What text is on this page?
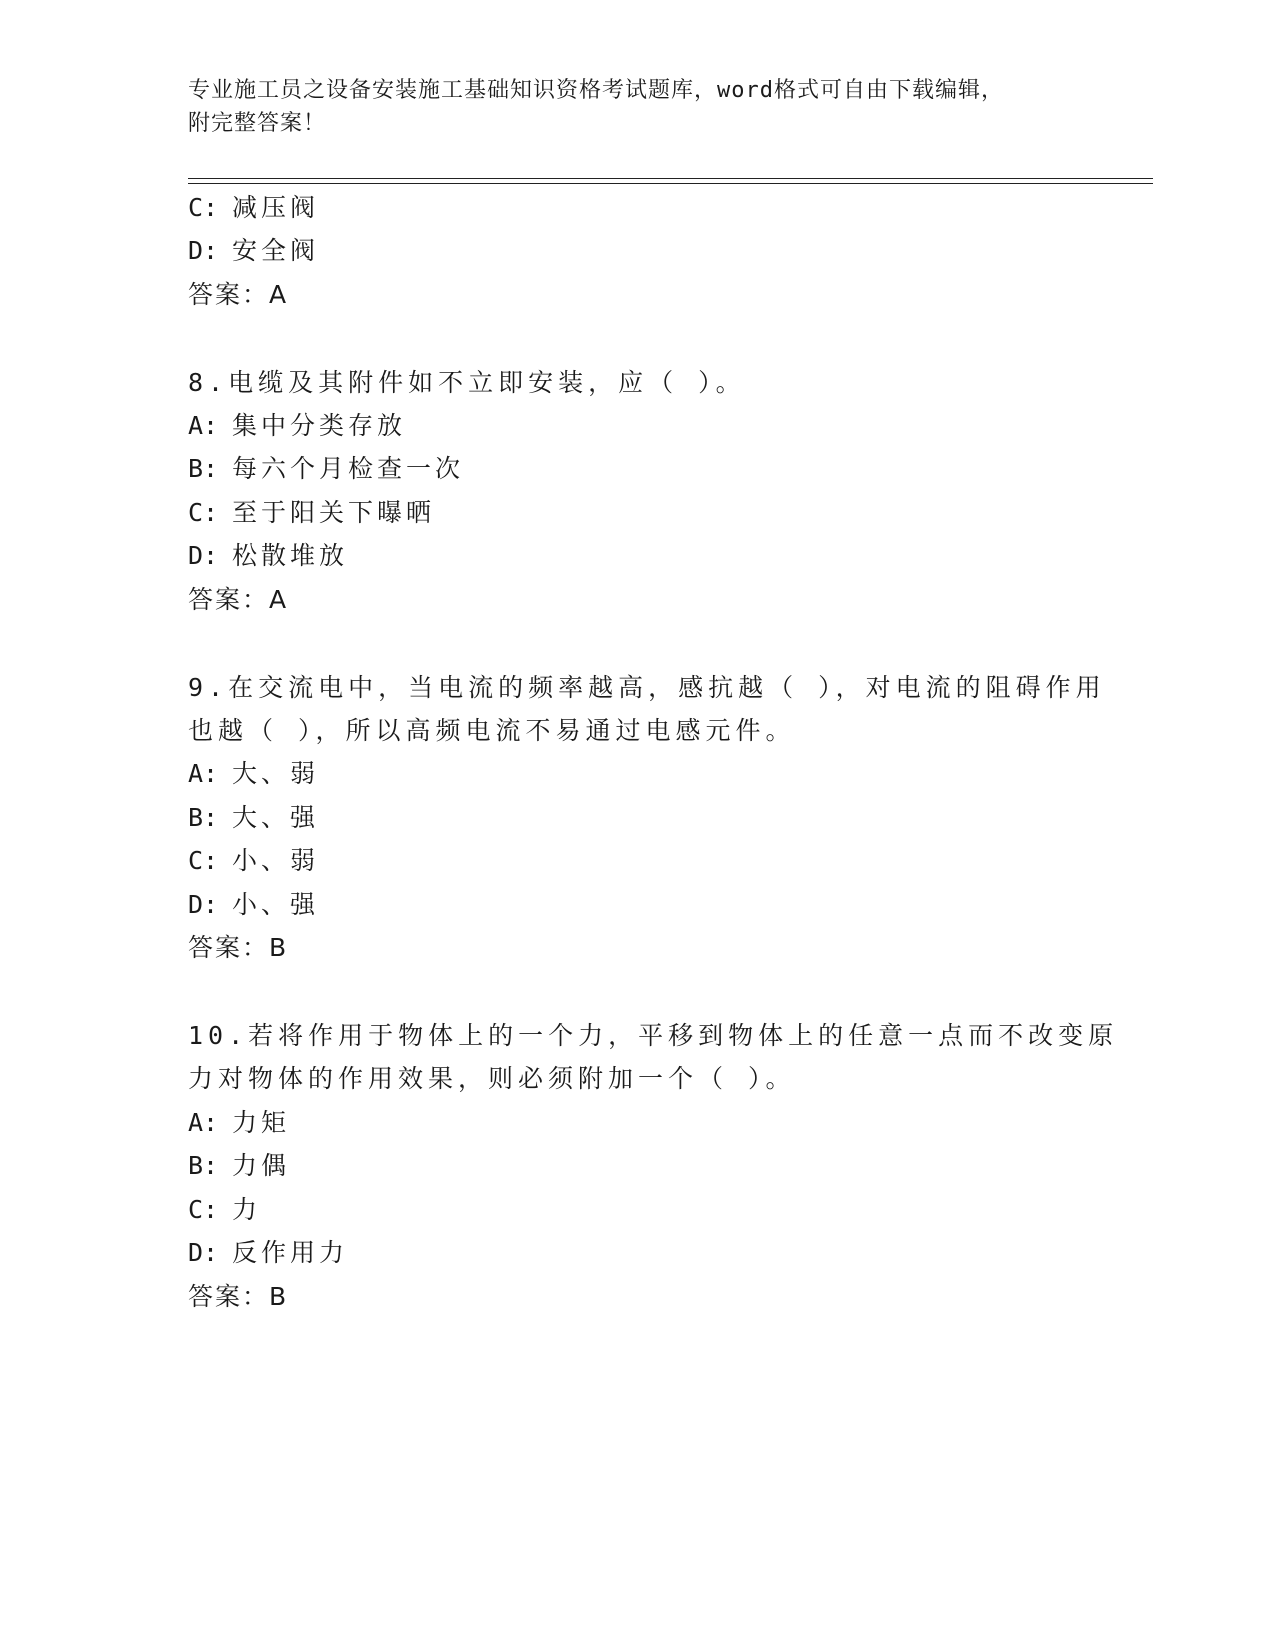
专业施工员之设备安装施工基础知识资格考试题库，word格式可自由下载编辑，
附完整答案！
C: 减压阀
D: 安全阀
答案：A
8.电缆及其附件如不立即安装，应（ ）。
A: 集中分类存放
B: 每六个月检查一次
C: 至于阳关下曝晒
D: 松散堆放
答案：A
9.在交流电中，当电流的频率越高，感抗越（ ），对电流的阻碍作用
也越（ ），所以高频电流不易通过电感元件。
A: 大、弱
B: 大、强
C: 小、弱
D: 小、强
答案：B
10.若将作用于物体上的一个力，平移到物体上的任意一点而不改变原
力对物体的作用效果，则必须附加一个（ ）。
A: 力矩
B: 力偶
C: 力
D: 反作用力
答案：B
